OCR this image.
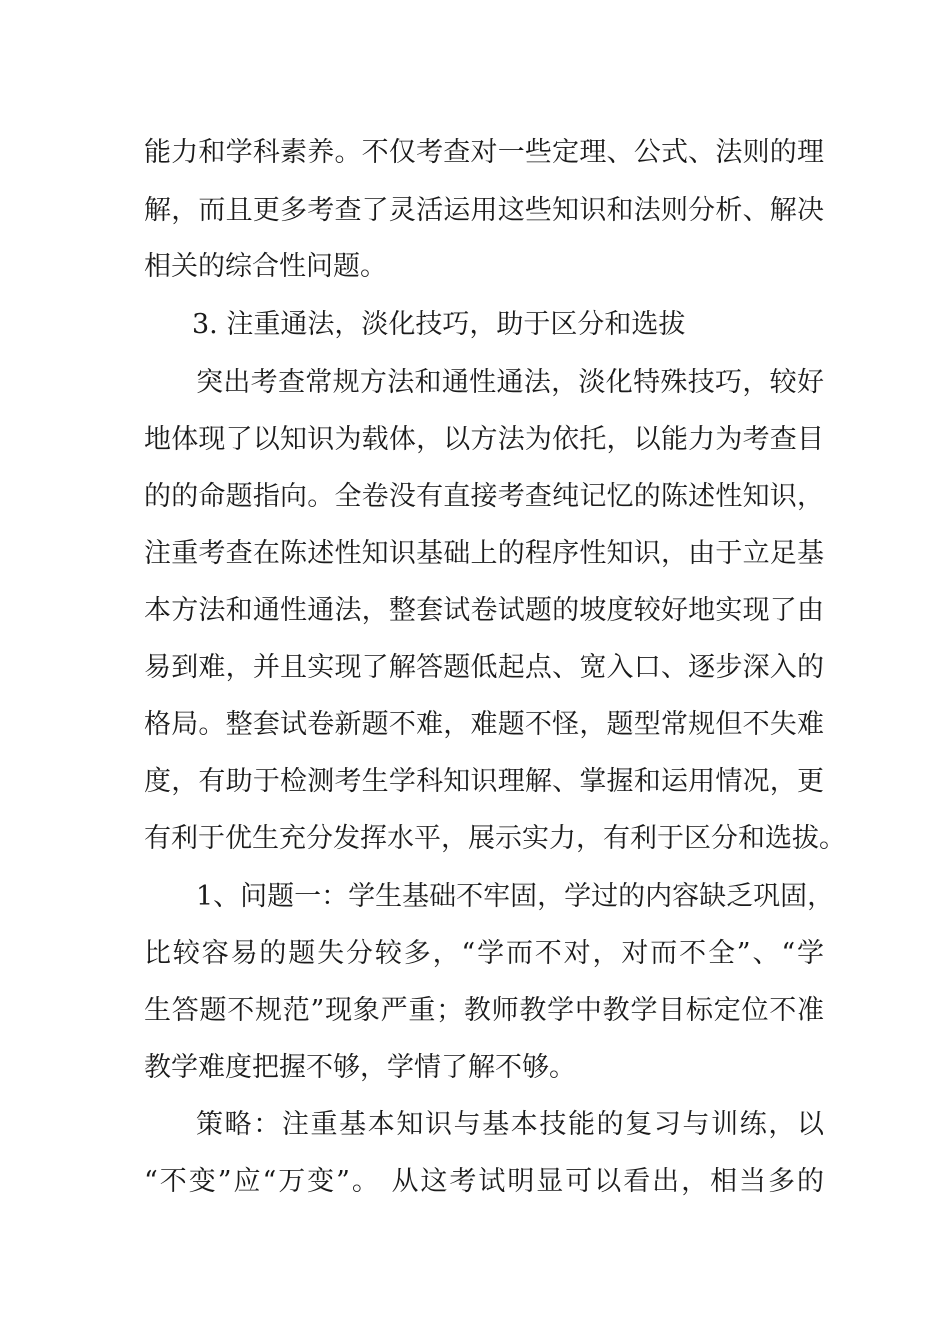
能力和学科素养。不仅考查对一些定理、公式、法则的理
解，而且更多考查了灵活运用这些知识和法则分析、解决
相关的综合性问题。
3. 注重通法，淡化技巧，助于区分和选拔
突出考查常规方法和通性通法，淡化特殊技巧，较好
地体现了以知识为载体，以方法为依托，以能力为考查目
的的命题指向。全卷没有直接考查纯记忆的陈述性知识，
注重考查在陈述性知识基础上的程序性知识，由于立足基
本方法和通性通法，整套试卷试题的坡度较好地实现了由
易到难，并且实现了解答题低起点、宽入口、逐步深入的
格局。整套试卷新题不难，难题不怪，题型常规但不失难
度，有助于检测考生学科知识理解、掌握和运用情况，更
有利于优生充分发挥水平，展示实力，有利于区分和选拔。
1、问题一：学生基础不牢固，学过的内容缺乏巩固，
比较容易的题失分较多，“学而不对，对而不全”、“学
生答题不规范”现象严重；教师教学中教学目标定位不准
教学难度把握不够，学情了解不够。
策略：注重基本知识与基本技能的复习与训练，以
“不变”应“万变”。 从这考试明显可以看出，相当多的
